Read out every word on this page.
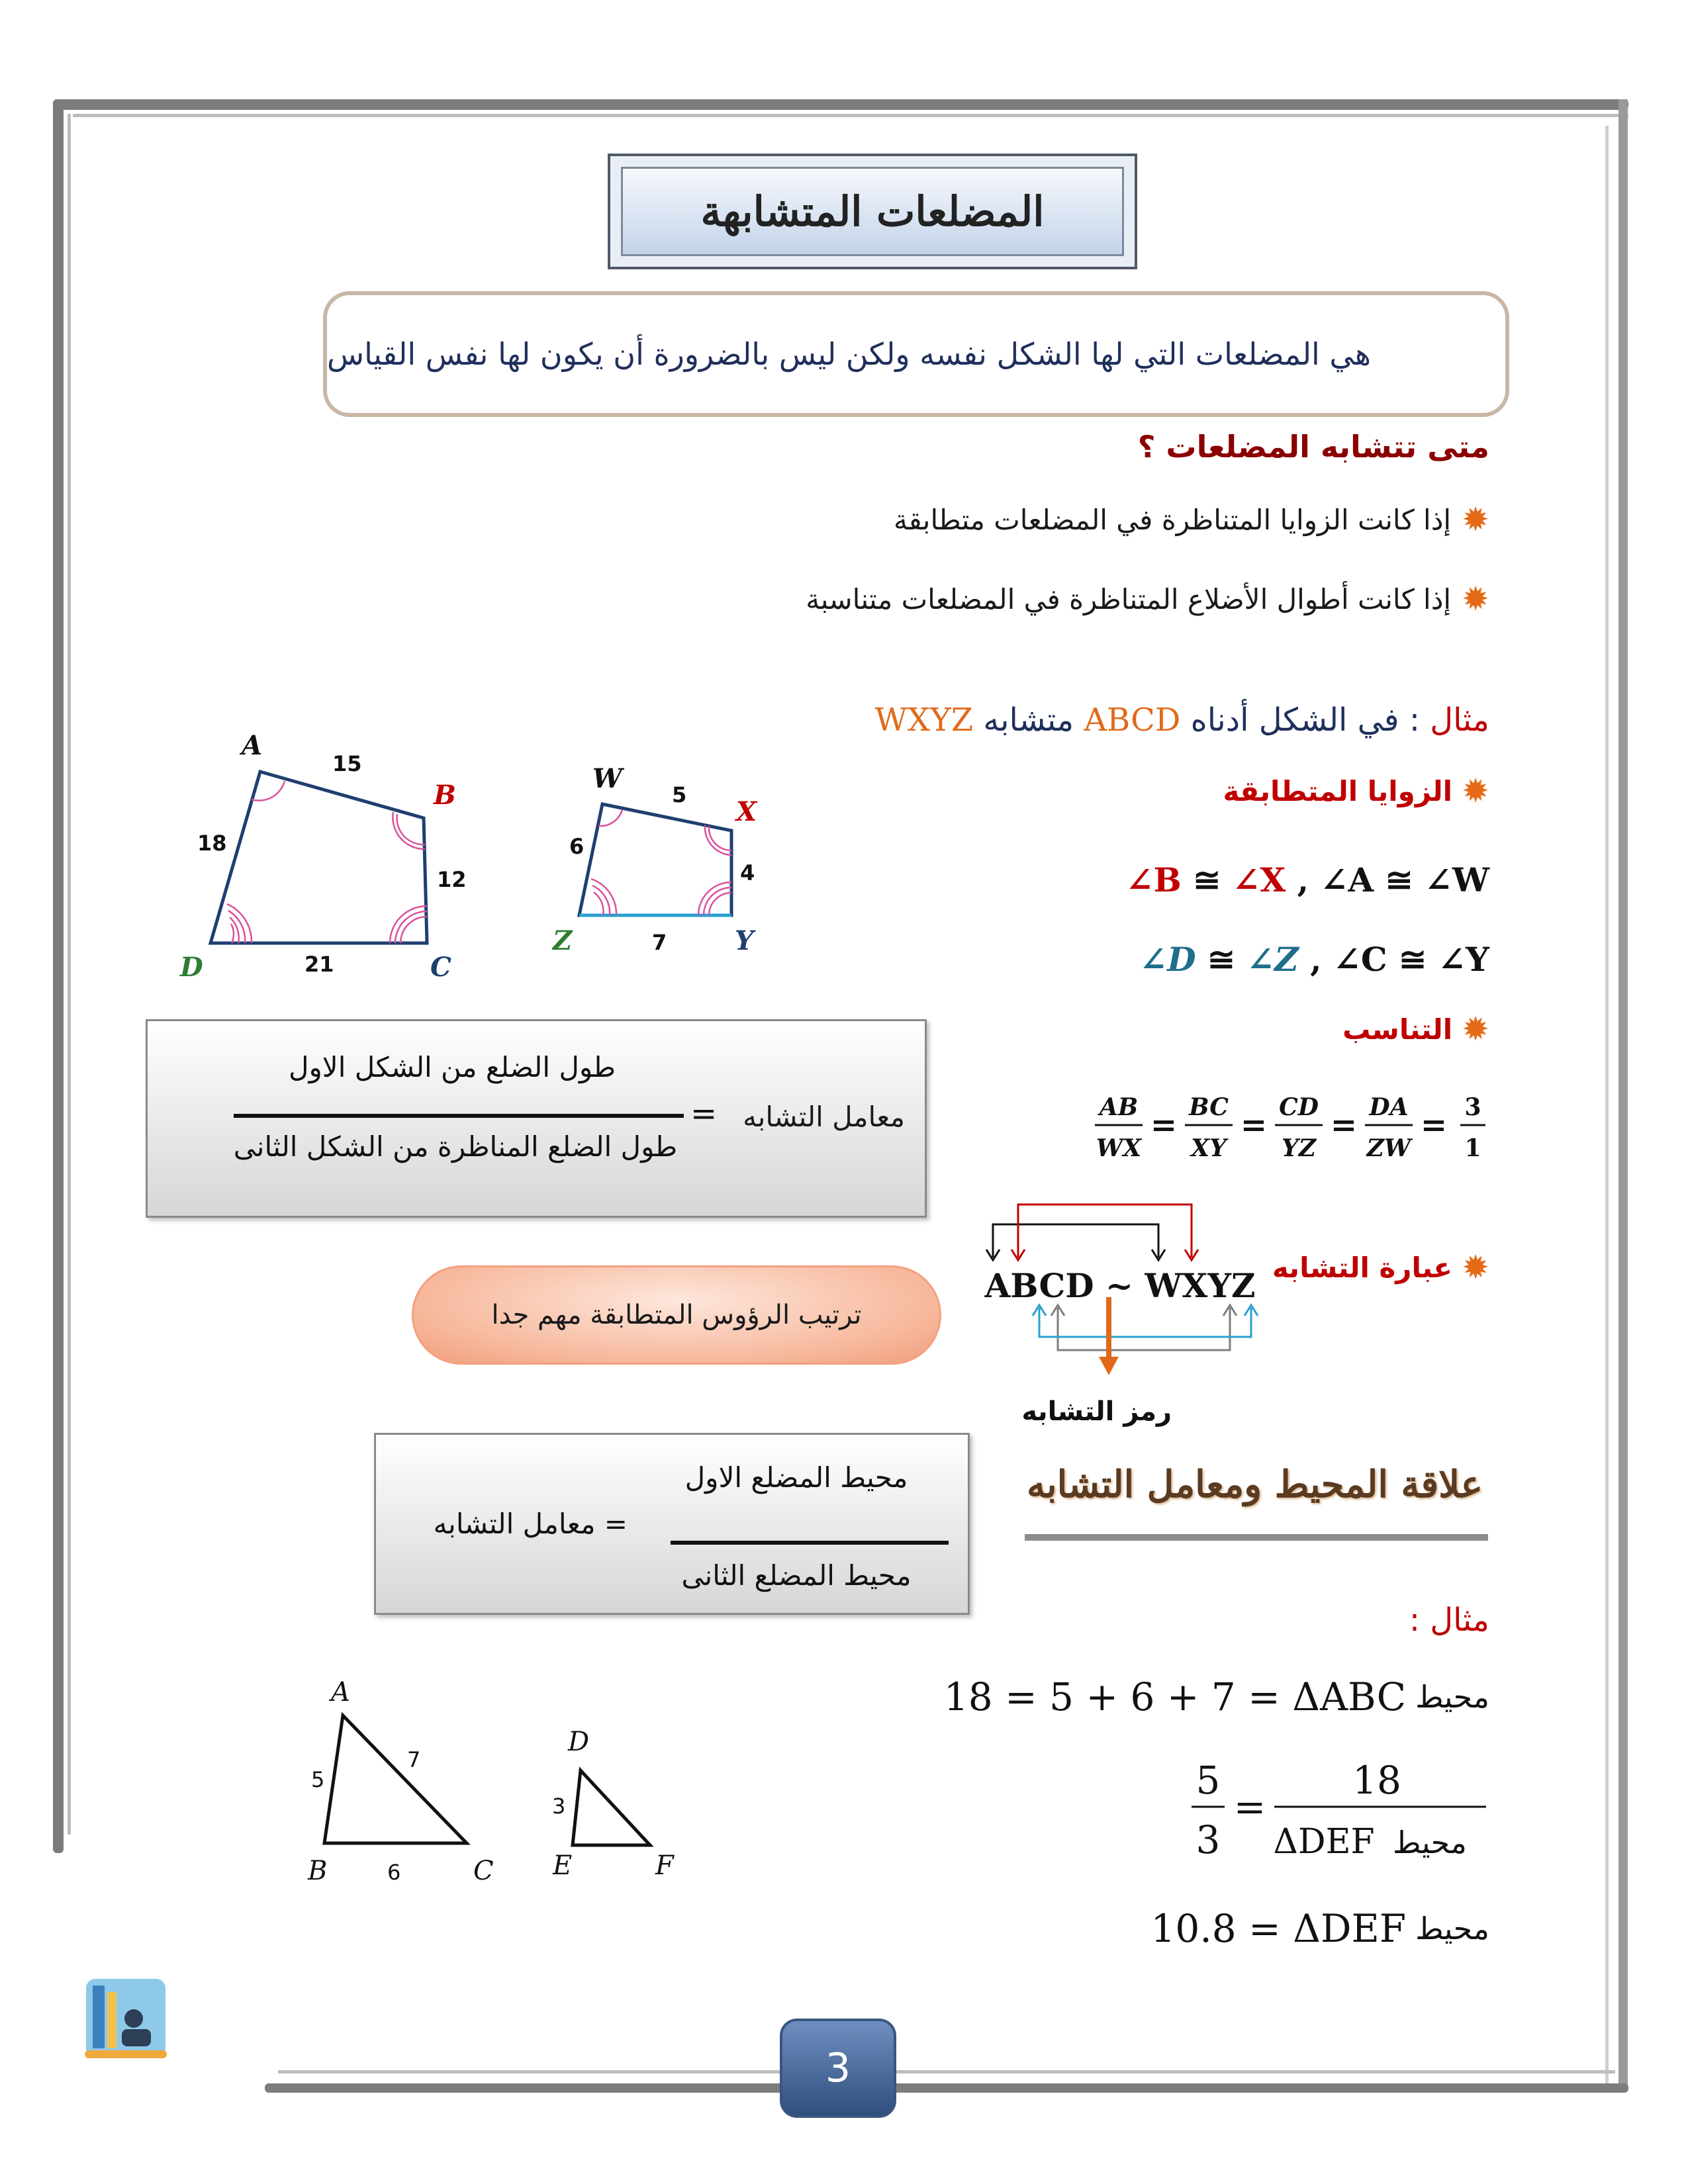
المضلعات المتشابهة
هي المضلعات التي لها الشكل نفسه ولكن ليس بالضرورة أن يكون لها نفس القياس
متى تتشابه المضلعات ؟
✹
إذا كانت الزوايا المتناظرة في المضلعات متطابقة
✹
إذا كانت أطوال الأضلاع المتناظرة في المضلعات متناسبة
مثال : في الشكل أدناه ABCD متشابه WXYZ
✹
الزوايا المتطابقة
∠B ≅ ∠X , ∠A ≅ ∠W
∠D ≅ ∠Z , ∠C ≅ ∠Y
✹
التناسب
AB
WX
= BC
XY
= CD
YZ
= DA
ZW
= 3
1
✹
عبارة التشابه
ABCD ~ WXYZ
رمز التشابه
A
B
C
D
15
12
21
18
W
X
Y
Z
5
4
7
6
معامل التشابه
=
طول الضلع من الشكل الاول
طول الضلع المناظرة من الشكل الثانى
ترتيب الرؤوس المتطابقة مهم جدا
علاقة المحيط ومعامل التشابه
= معامل التشابه
محيط المضلع الاول
محيط المضلع الثانى
مثال :
18 = 5 + 6 + 7 = ΔABC محيط
5
3
=
18
ΔDEF محيط
10.8 = ΔDEF محيط
A
B	C
5
7
6
D
E	F
3
3
